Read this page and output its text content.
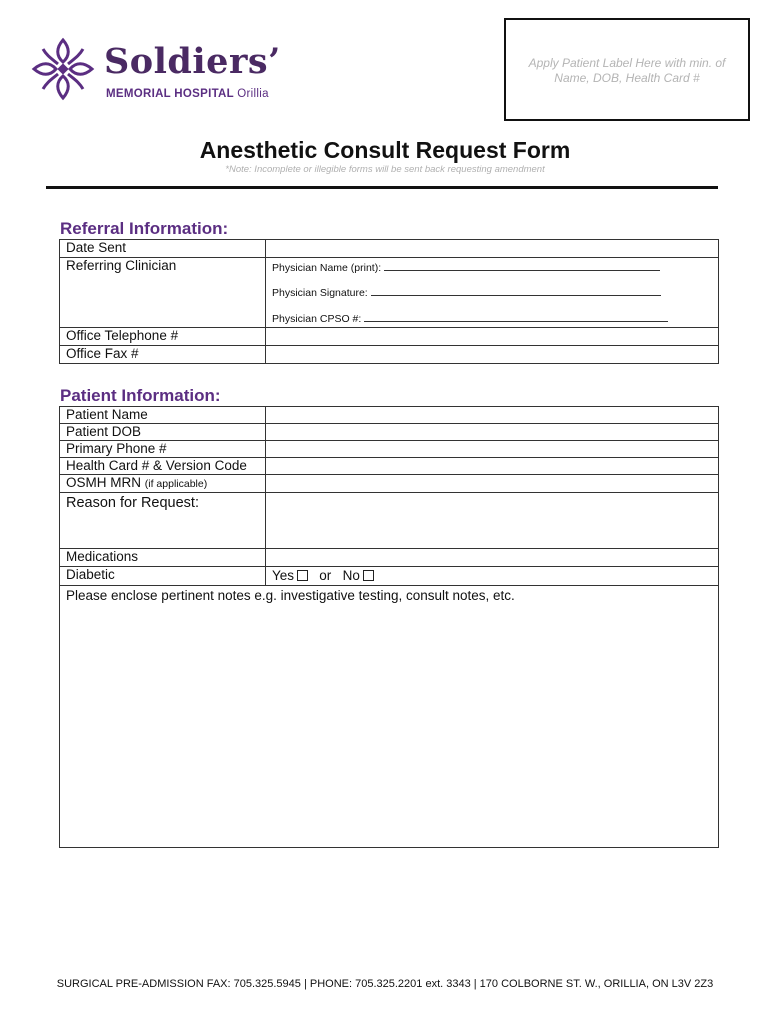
Soldiers’
MEMORIAL HOSPITAL Orillia
Apply Patient Label Here with min. of Name, DOB, Health Card #
Anesthetic Consult Request Form
*Note: Incomplete or illegible forms will be sent back requesting amendment
Referral Information:
Date Sent	
Referring Clinician	Physician Name (print):
Physician Signature:
Physician CPSO #:

Office Telephone #	
Office Fax #	
Patient Information:
Patient Name	
Patient DOB	
Primary Phone #	
Health Card # & Version Code	
OSMH MRN (if applicable)	
Reason for Request:	
Medications	
Diabetic	Yes or No
Please enclose pertinent notes e.g. investigative testing, consult notes, etc.	
SURGICAL PRE-ADMISSION FAX: 705.325.5945 | PHONE: 705.325.2201 ext. 3343 | 170 COLBORNE ST. W., ORILLIA, ON L3V 2Z3
